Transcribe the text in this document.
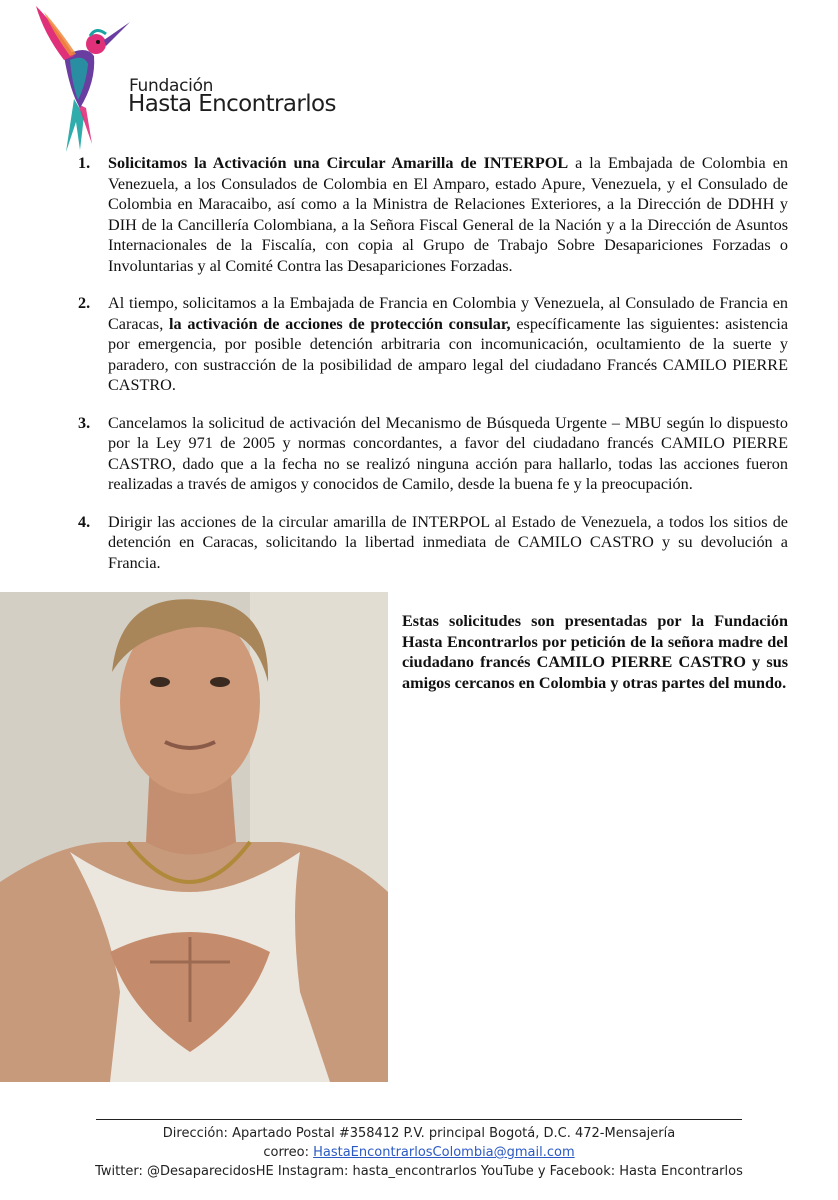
Fundación
Hasta Encontrarlos
1. Solicitamos la Activación una Circular Amarilla de INTERPOL a la Embajada de Colombia en Venezuela, a los Consulados de Colombia en El Amparo, estado Apure, Venezuela, y el Consulado de Colombia en Maracaibo, así como a la Ministra de Relaciones Exteriores, a la Dirección de DDHH y DIH de la Cancillería Colombiana, a la Señora Fiscal General de la Nación y a la Dirección de Asuntos Internacionales de la Fiscalía, con copia al Grupo de Trabajo Sobre Desapariciones Forzadas o Involuntarias y al Comité Contra las Desapariciones Forzadas.
2. Al tiempo, solicitamos a la Embajada de Francia en Colombia y Venezuela, al Consulado de Francia en Caracas, la activación de acciones de protección consular, específicamente las siguientes: asistencia por emergencia, por posible detención arbitraria con incomunicación, ocultamiento de la suerte y paradero, con sustracción de la posibilidad de amparo legal del ciudadano Francés CAMILO PIERRE CASTRO.
3. Cancelamos la solicitud de activación del Mecanismo de Búsqueda Urgente – MBU según lo dispuesto por la Ley 971 de 2005 y normas concordantes, a favor del ciudadano francés CAMILO PIERRE CASTRO, dado que a la fecha no se realizó ninguna acción para hallarlo, todas las acciones fueron realizadas a través de amigos y conocidos de Camilo, desde la buena fe y la preocupación.
4. Dirigir las acciones de la circular amarilla de INTERPOL al Estado de Venezuela, a todos los sitios de detención en Caracas, solicitando la libertad inmediata de CAMILO CASTRO y su devolución a Francia.
Estas solicitudes son presentadas por la Fundación Hasta Encontrarlos por petición de la señora madre del ciudadano francés CAMILO PIERRE CASTRO y sus amigos cercanos en Colombia y otras partes del mundo.
Dirección: Apartado Postal #358412 P.V. principal Bogotá, D.C. 472-Mensajería
correo: HastaEncontrarlosColombia@gmail.com
Twitter: @DesaparecidosHE Instagram: hasta_encontrarlos YouTube y Facebook: Hasta Encontrarlos
